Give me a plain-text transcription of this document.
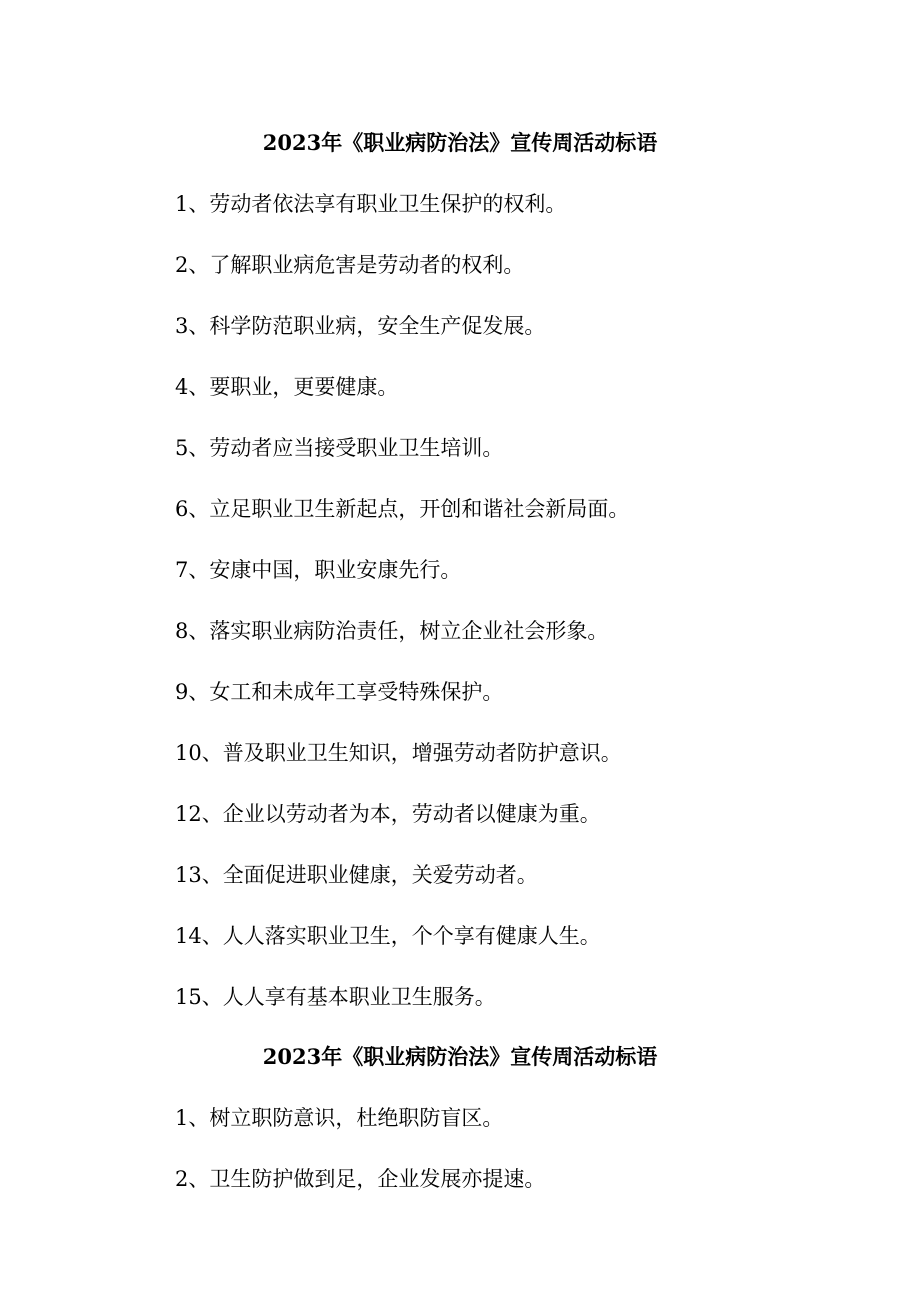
2023年《职业病防治法》宣传周活动标语
1、劳动者依法享有职业卫生保护的权利。
2、了解职业病危害是劳动者的权利。
3、科学防范职业病，安全生产促发展。
4、要职业，更要健康。
5、劳动者应当接受职业卫生培训。
6、立足职业卫生新起点，开创和谐社会新局面。
7、安康中国，职业安康先行。
8、落实职业病防治责任，树立企业社会形象。
9、女工和未成年工享受特殊保护。
10、普及职业卫生知识，增强劳动者防护意识。
12、企业以劳动者为本，劳动者以健康为重。
13、全面促进职业健康，关爱劳动者。
14、人人落实职业卫生，个个享有健康人生。
15、人人享有基本职业卫生服务。
2023年《职业病防治法》宣传周活动标语
1、树立职防意识，杜绝职防盲区。
2、卫生防护做到足，企业发展亦提速。
